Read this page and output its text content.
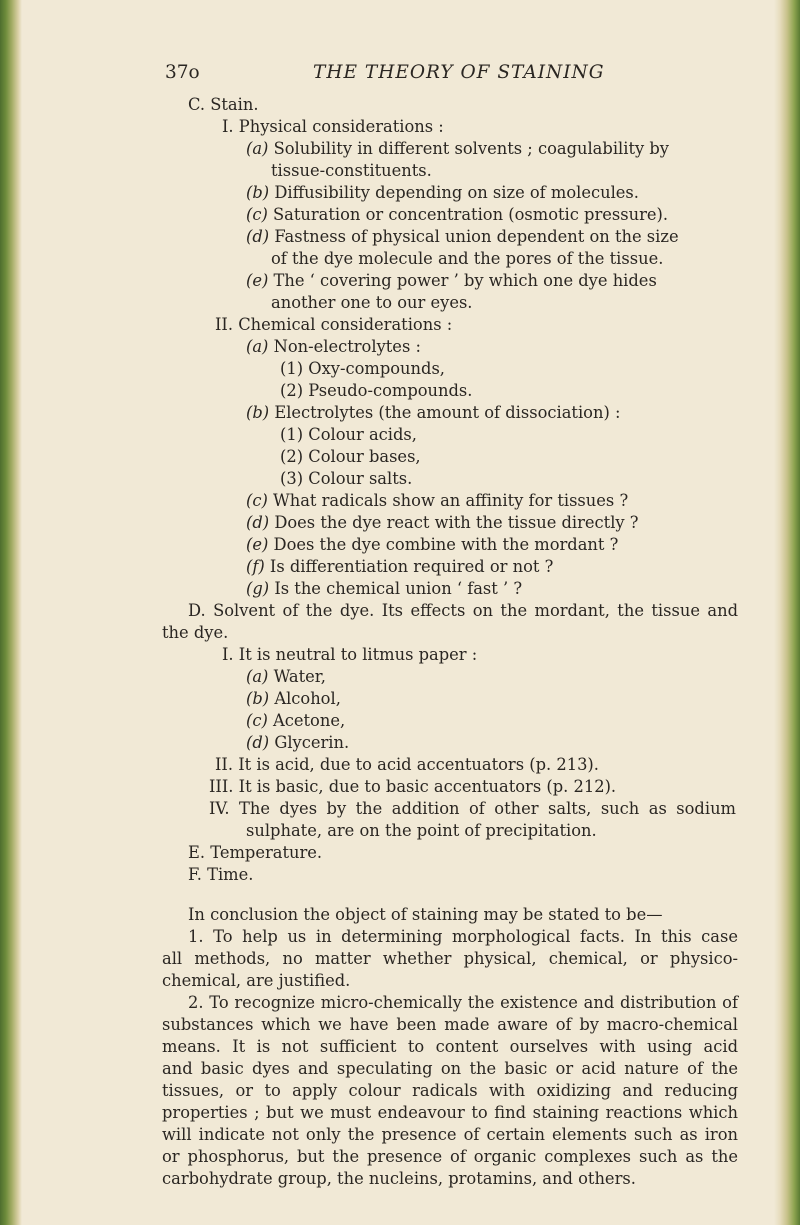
37o	THE THEORY OF STAINING
C. Stain.
I. Physical considerations :
(a) Solubility in different solvents ; coagulability by
tissue-constituents.
(b) Diffusibility depending on size of molecules.
(c) Saturation or concentration (osmotic pressure).
(d) Fastness of physical union dependent on the size
of the dye molecule and the pores of the tissue.
(e) The ‘ covering power ’ by which one dye hides
another one to our eyes.
II. Chemical considerations :
(a) Non-electrolytes :
(1) Oxy-compounds,
(2) Pseudo-compounds.
(b) Electrolytes (the amount of dissociation) :
(1) Colour acids,
(2) Colour bases,
(3) Colour salts.
(c) What radicals show an affinity for tissues ?
(d) Does the dye react with the tissue directly ?
(e) Does the dye combine with the mordant ?
(f) Is differentiation required or not ?
(g) Is the chemical union ‘ fast ’ ?
D. Solvent of the dye. Its effects on the mordant, the tissue and
the dye.
I. It is neutral to litmus paper :
(a) Water,
(b) Alcohol,
(c) Acetone,
(d) Glycerin.
II. It is acid, due to acid accentuators (p. 213).
III. It is basic, due to basic accentuators (p. 212).
IV. The dyes by the addition of other salts, such as sodium
sulphate, are on the point of precipitation.
E. Temperature.
F. Time.
In conclusion the object of staining may be stated to be—
1. To help us in determining morphological facts. In this case
all methods, no matter whether physical, chemical, or physico-
chemical, are justified.
2. To recognize micro-chemically the existence and distribution of
substances which we have been made aware of by macro-chemical
means. It is not sufficient to content ourselves with using acid
and basic dyes and speculating on the basic or acid nature of the
tissues, or to apply colour radicals with oxidizing and reducing
properties ; but we must endeavour to find staining reactions which
will indicate not only the presence of certain elements such as iron
or phosphorus, but the presence of organic complexes such as the
carbohydrate group, the nucleins, protamins, and others.
